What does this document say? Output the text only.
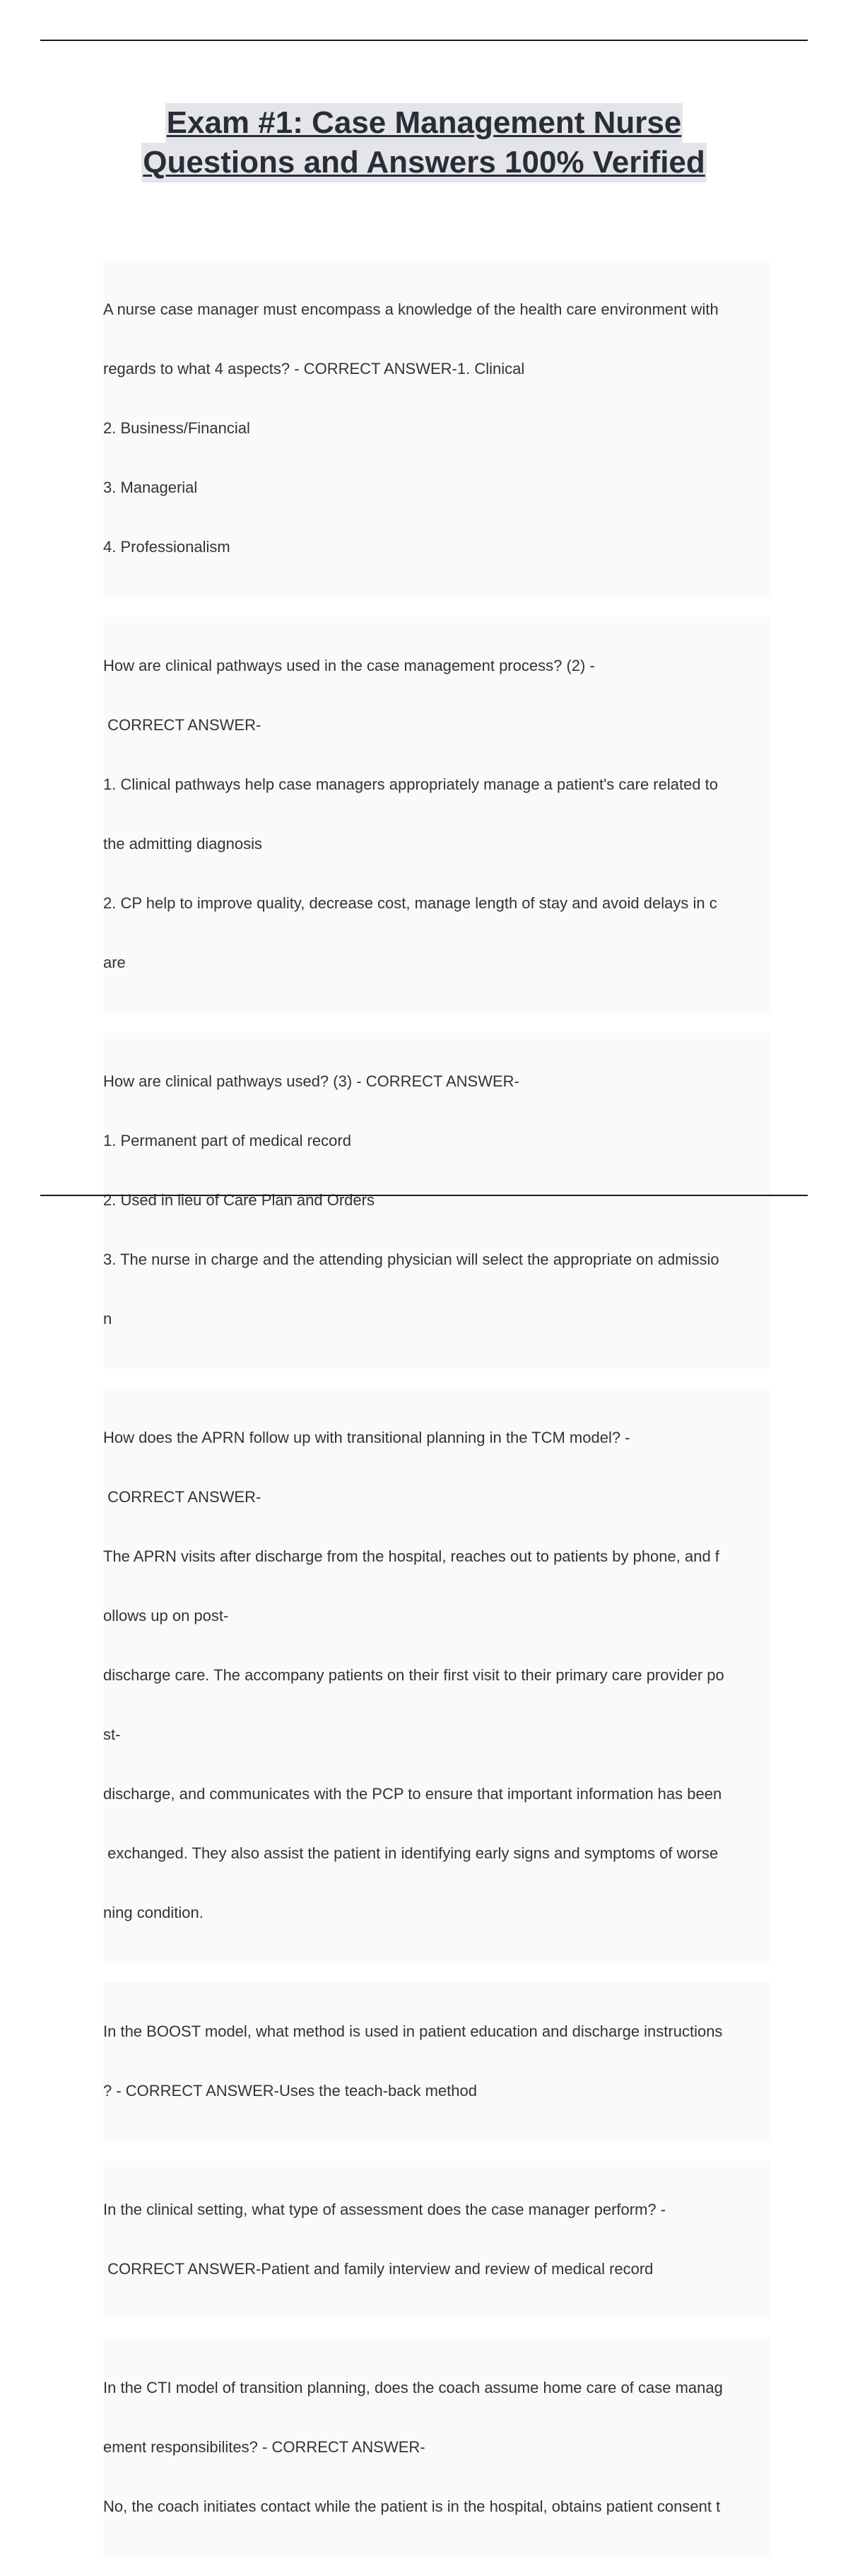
Exam #1: Case Management Nurse
Questions and Answers 100% Verified

A nurse case manager must encompass a knowledge of the health care environment with

regards to what 4 aspects? - CORRECT ANSWER-1. Clinical

2. Business/Financial

3. Managerial

4. Professionalism

How are clinical pathways used in the case management process? (2) -

CORRECT ANSWER-

1. Clinical pathways help case managers appropriately manage a patient's care related to

the admitting diagnosis

2. CP help to improve quality, decrease cost, manage length of stay and avoid delays in c

are

How are clinical pathways used? (3) - CORRECT ANSWER-

1. Permanent part of medical record

2. Used in lieu of Care Plan and Orders

3. The nurse in charge and the attending physician will select the appropriate on admissio

n

How does the APRN follow up with transitional planning in the TCM model? -

CORRECT ANSWER-

The APRN visits after discharge from the hospital, reaches out to patients by phone, and f

ollows up on post-

discharge care. The accompany patients on their first visit to their primary care provider po

st-

discharge, and communicates with the PCP to ensure that important information has been

exchanged. They also assist the patient in identifying early signs and symptoms of worse

ning condition.

In the BOOST model, what method is used in patient education and discharge instructions

? - CORRECT ANSWER-Uses the teach-back method

In the clinical setting, what type of assessment does the case manager perform? -

CORRECT ANSWER-Patient and family interview and review of medical record

In the CTI model of transition planning, does the coach assume home care of case manag

ement responsibilites? - CORRECT ANSWER-

No, the coach initiates contact while the patient is in the hospital, obtains patient consent t
